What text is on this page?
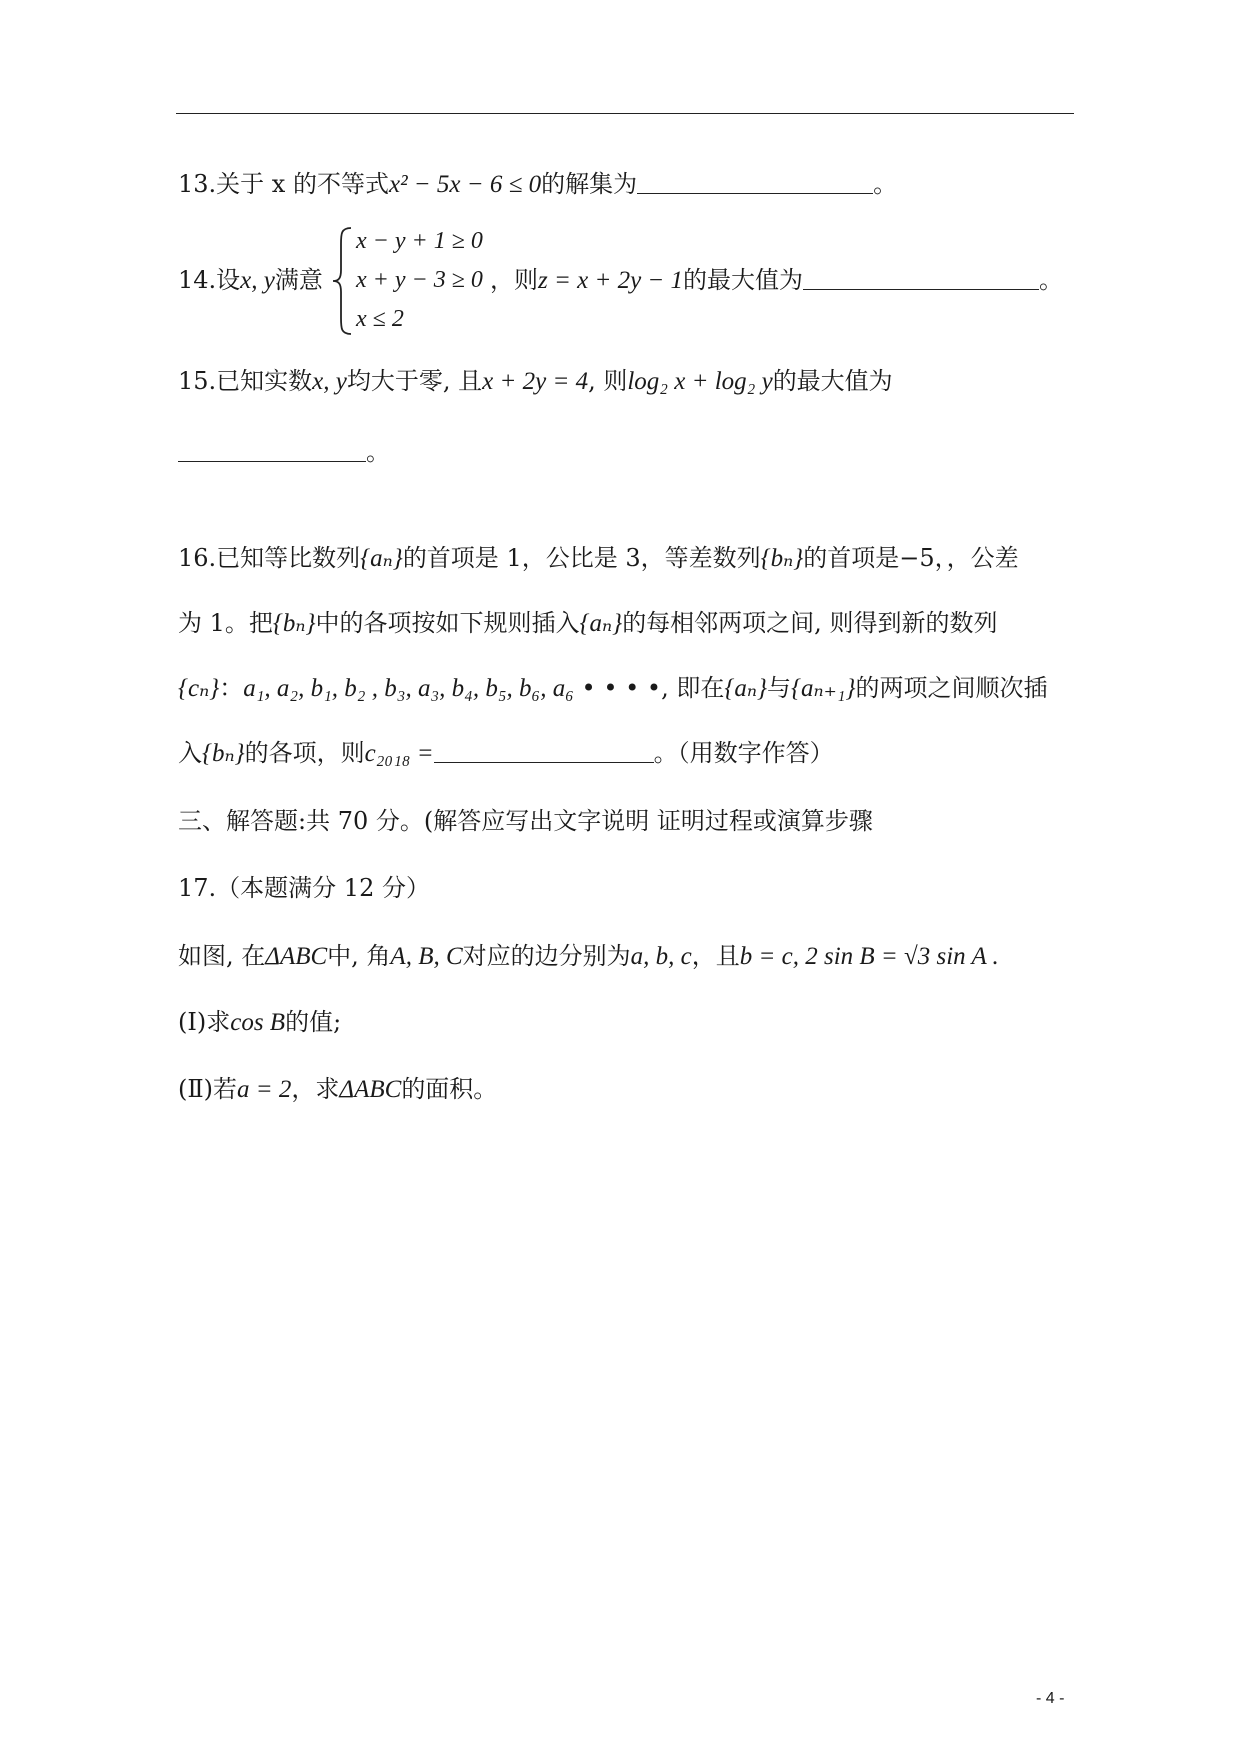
13.关于 x 的不等式x² − 5x − 6 ≤ 0的解集为	。
14.设x, y满意
x − y + 1 ≥ 0
x + y − 3 ≥ 0
x ≤ 2
，则z = x + 2y − 1的最大值为	。
15.已知实数x, y均大于零, 且x + 2y = 4, 则log₂ x + log₂ y的最大值为
。
16.已知等比数列{aₙ}的首项是 1，公比是 3，等差数列{bₙ}的首项是−5，，公差
为 1。把{bₙ}中的各项按如下规则插入{aₙ}的每相邻两项之间, 则得到新的数列
{cₙ}：a₁, a₂, b₁, b₂ , b₃, a₃, b₄, b₅, b₆, a₆ • • • •, 即在{aₙ}与{aₙ₊₁}的两项之间顺次插
入{bₙ}的各项，则c₂₀₁₈ =	。（用数字作答）
三、解答题:共 70 分。(解答应写出文字说明 证明过程或演算步骤
17.（本题满分 12 分）
如图, 在ΔABC中, 角A, B, C对应的边分别为a, b, c，且b = c, 2 sin B = √3 sin A .
(Ⅰ)求cos B的值;
(Ⅱ)若a = 2，求ΔABC的面积。
- 4 -
